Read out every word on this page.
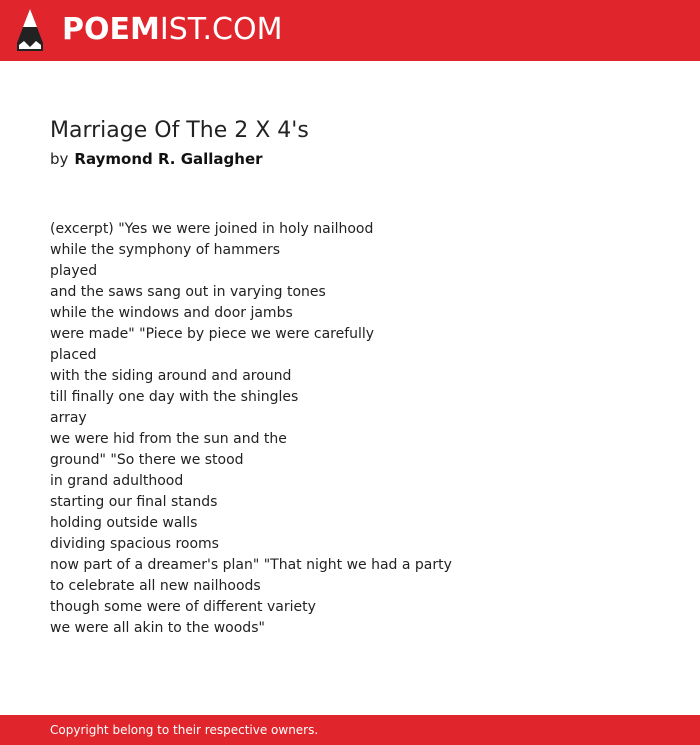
POEMIST.COM
Marriage Of The 2 X 4's
by Raymond R. Gallagher
(excerpt) "Yes we were joined in holy nailhood
while the symphony of hammers
played
and the saws sang out in varying tones
while the windows and door jambs
were made" "Piece by piece we were carefully
placed
with the siding around and around
till finally one day with the shingles
array
we were hid from the sun and the
ground" "So there we stood
in grand adulthood
starting our final stands
holding outside walls
dividing spacious rooms
now part of a dreamer's plan" "That night we had a party
to celebrate all new nailhoods
though some were of different variety
we were all akin to the woods"
Copyright belong to their respective owners.
